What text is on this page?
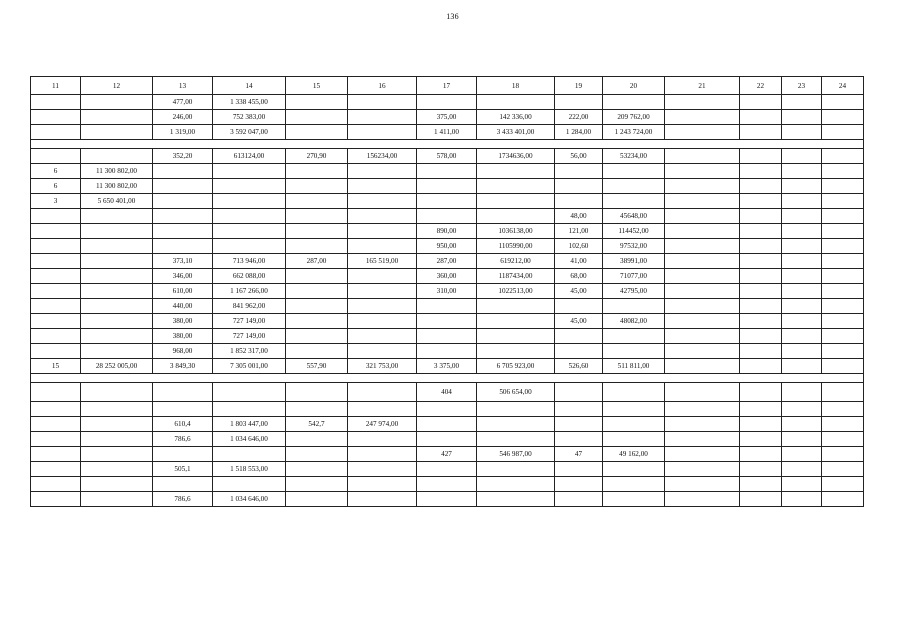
136
11	12	13	14	15	16	17	18	19	20	21	22	23	24
		477,00	1 338 455,00										
		246,00	752 383,00			375,00	142 336,00	222,00	209 762,00				
		1 319,00	3 592 047,00			1 411,00	3 433 401,00	1 284,00	1 243 724,00				

		352,20	613124,00	270,90	156234,00	578,00	1734636,00	56,00	53234,00				
6	11 300 802,00												
6	11 300 802,00												
3	5 650 401,00												
								48,00	45648,00				
						890,00	1036138,00	121,00	114452,00				
						950,00	1105990,00	102,60	97532,00				
		373,10	713 946,00	287,00	165 519,00	287,00	619212,00	41,00	38991,00				
		346,00	662 088,00			360,00	1187434,00	68,00	71077,00				
		610,00	1 167 266,00			310,00	1022513,00	45,00	42795,00				
		440,00	841 962,00										
		380,00	727 149,00					45,00	48082,00				
		380,00	727 149,00										
		968,00	1 852 317,00										
15	28 252 005,00	3 849,30	7 305 001,00	557,90	321 753,00	3 375,00	6 705 923,00	526,60	511 811,00				

						404	506 654,00						

		610,4	1 803 447,00	542,7	247 974,00								
		786,6	1 034 646,00										
						427	546 987,00	47	49 162,00				
		505,1	1 518 553,00										

		786,6	1 034 646,00										
